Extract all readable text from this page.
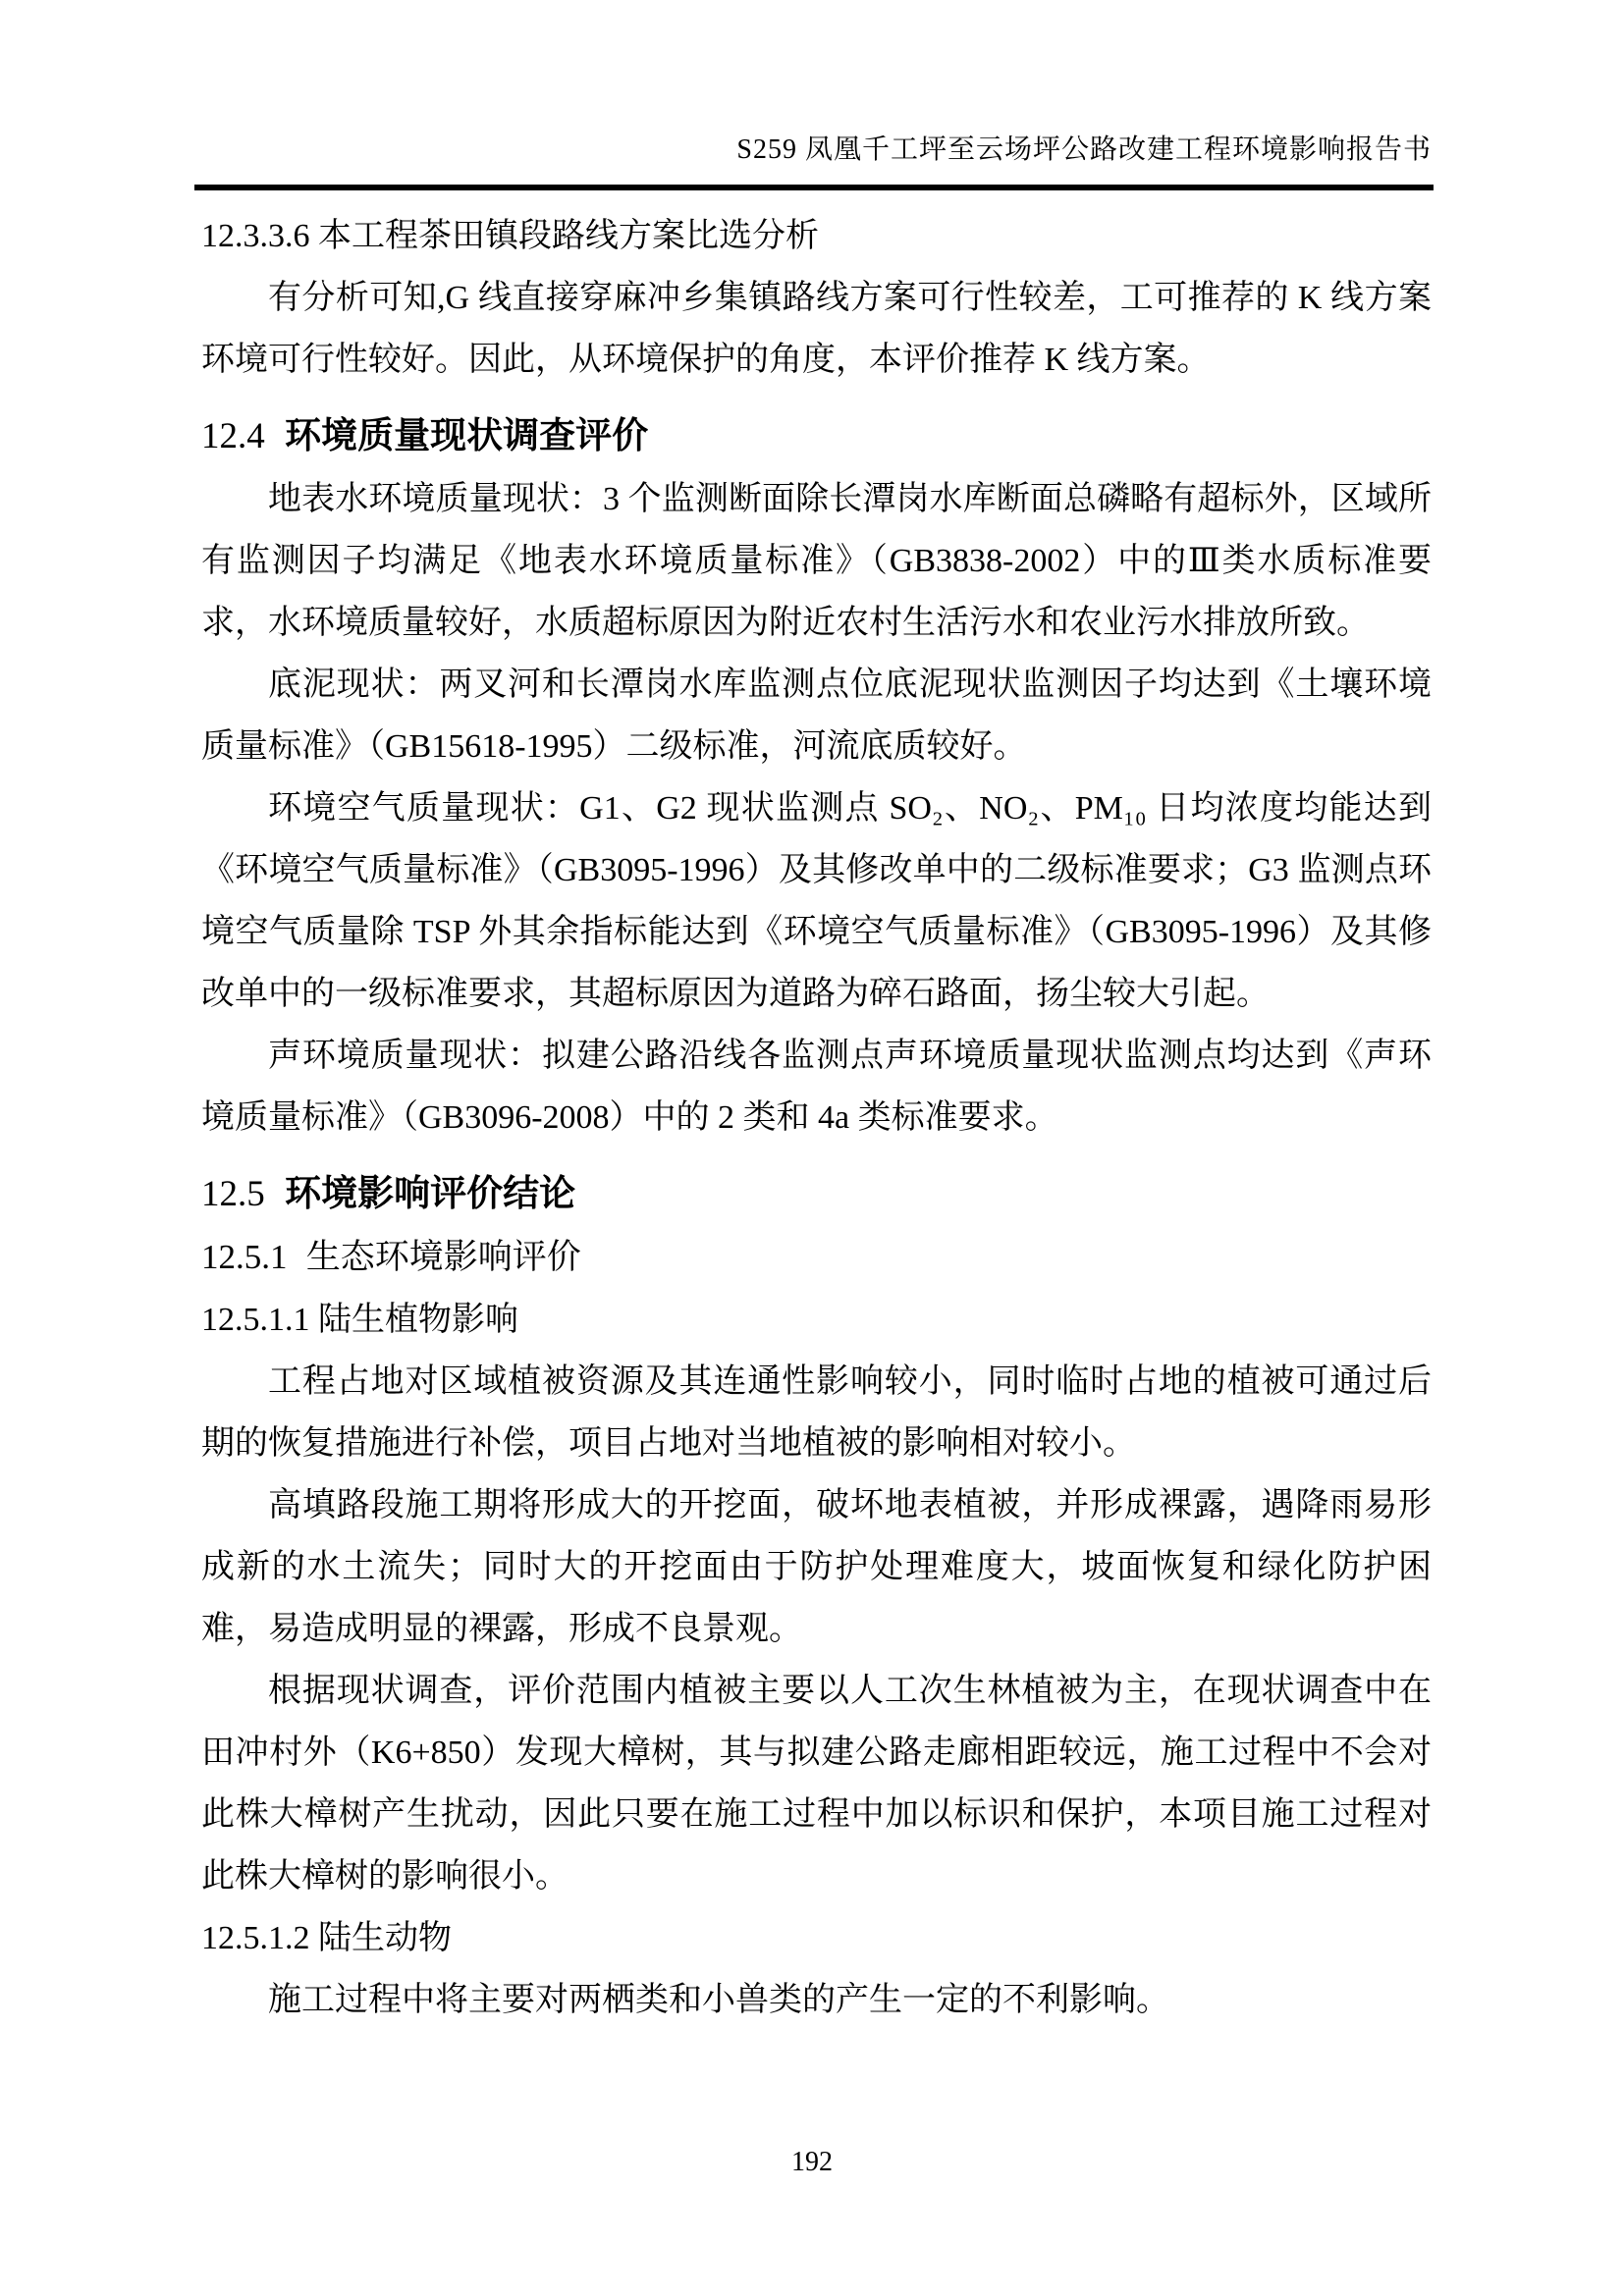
S259 凤凰千工坪至云场坪公路改建工程环境影响报告书
12.3.3.6 本工程茶田镇段路线方案比选分析
有分析可知,G 线直接穿麻冲乡集镇路线方案可行性较差，工可推荐的 K 线方案环境可行性较好。因此，从环境保护的角度，本评价推荐 K 线方案。
12.4 环境质量现状调查评价
地表水环境质量现状：3 个监测断面除长潭岗水库断面总磷略有超标外，区域所有监测因子均满足《地表水环境质量标准》（GB3838-2002）中的Ⅲ类水质标准要求，水环境质量较好，水质超标原因为附近农村生活污水和农业污水排放所致。
底泥现状：两叉河和长潭岗水库监测点位底泥现状监测因子均达到《土壤环境质量标准》（GB15618-1995）二级标准，河流底质较好。
环境空气质量现状：G1、G2 现状监测点 SO₂、NO₂、PM₁₀ 日均浓度均能达到《环境空气质量标准》（GB3095-1996）及其修改单中的二级标准要求；G3 监测点环境空气质量除 TSP 外其余指标能达到《环境空气质量标准》（GB3095-1996）及其修改单中的一级标准要求，其超标原因为道路为碎石路面，扬尘较大引起。
声环境质量现状：拟建公路沿线各监测点声环境质量现状监测点均达到《声环境质量标准》（GB3096-2008）中的 2 类和 4a 类标准要求。
12.5 环境影响评价结论
12.5.1 生态环境影响评价
12.5.1.1 陆生植物影响
工程占地对区域植被资源及其连通性影响较小，同时临时占地的植被可通过后期的恢复措施进行补偿，项目占地对当地植被的影响相对较小。
高填路段施工期将形成大的开挖面，破坏地表植被，并形成裸露，遇降雨易形成新的水土流失；同时大的开挖面由于防护处理难度大，坡面恢复和绿化防护困难，易造成明显的裸露，形成不良景观。
根据现状调查，评价范围内植被主要以人工次生林植被为主，在现状调查中在田冲村外（K6+850）发现大樟树，其与拟建公路走廊相距较远，施工过程中不会对此株大樟树产生扰动，因此只要在施工过程中加以标识和保护，本项目施工过程对此株大樟树的影响很小。
12.5.1.2 陆生动物
施工过程中将主要对两栖类和小兽类的产生一定的不利影响。
192
